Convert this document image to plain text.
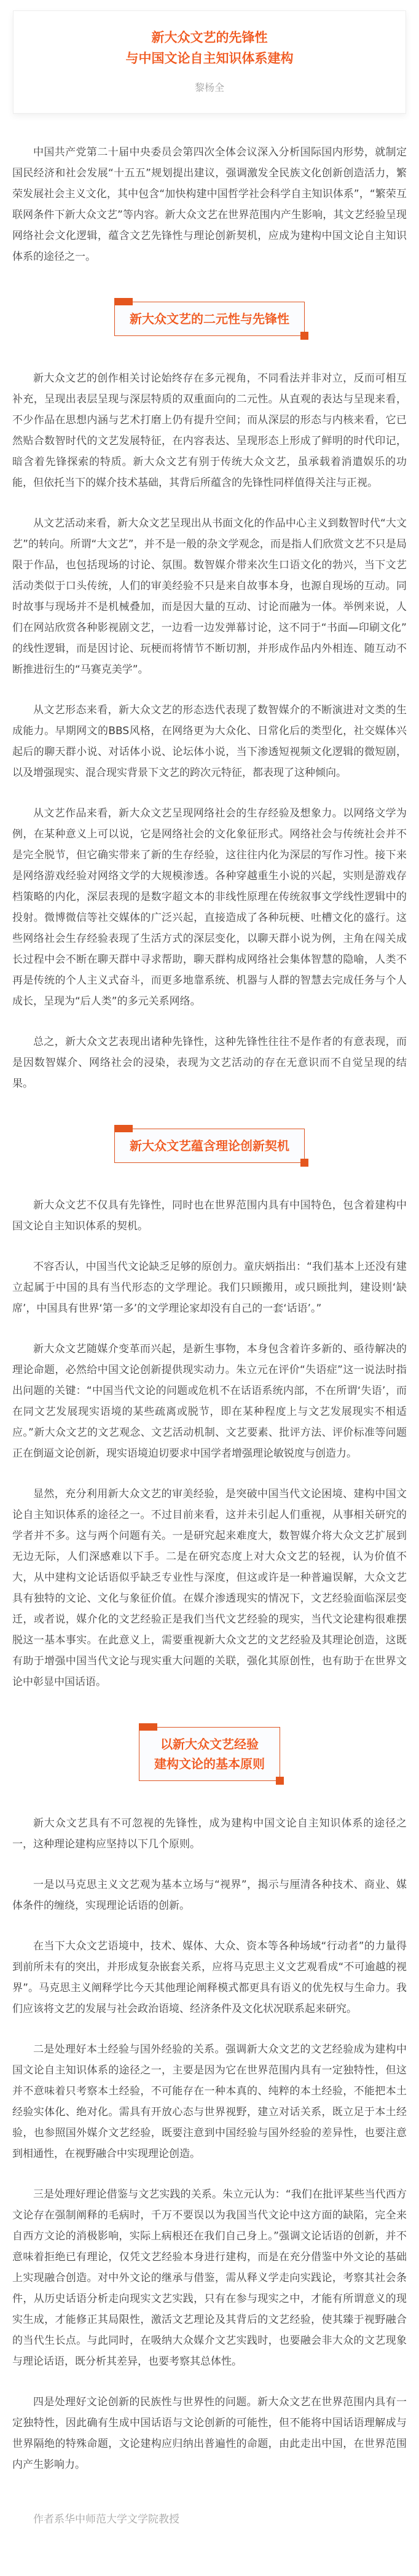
新大众文艺的先锋性
与中国文论自主知识体系建构
黎杨全

中国共产党第二十届中央委员会第四次全体会议深入分析国际国内形势，就制定国民经济和社会发展“十五五”规划提出建议，强调激发全民族文化创新创造活力，繁荣发展社会主义文化，其中包含“加快构建中国哲学社会科学自主知识体系”，“繁荣互联网条件下新大众文艺”等内容。新大众文艺在世界范围内产生影响，其文艺经验呈现网络社会文化逻辑，蕴含文艺先锋性与理论创新契机，应成为建构中国文论自主知识体系的途径之一。

新大众文艺的二元性与先锋性

新大众文艺的创作相关讨论始终存在多元视角，不同看法并非对立，反而可相互补充，呈现出表层呈现与深层特质的双重面向的二元性。从直观的表达与呈现来看，不少作品在思想内涵与艺术打磨上仍有提升空间；而从深层的形态与内核来看，它已然贴合数智时代的文艺发展特征，在内容表达、呈现形态上形成了鲜明的时代印记，暗含着先锋探索的特质。新大众文艺有别于传统大众文艺，虽承载着消遣娱乐的功能，但依托当下的媒介技术基础，其背后所蕴含的先锋性同样值得关注与正视。

从文艺活动来看，新大众文艺呈现出从书面文化的作品中心主义到数智时代“大文艺”的转向。所谓“大文艺”，并不是一般的杂文学观念，而是指人们欣赏文艺不只是局限于作品，也包括现场的讨论、氛围。数智媒介带来次生口语文化的勃兴，当下文艺活动类似于口头传统，人们的审美经验不只是来自故事本身，也源自现场的互动。同时故事与现场并不是机械叠加，而是因大量的互动、讨论而融为一体。举例来说，人们在网站欣赏各种影视剧文艺，一边看一边发弹幕讨论，这不同于“书面—印刷文化”的线性逻辑，而是因讨论、玩梗而将情节不断切割，并形成作品内外相连、随互动不断推进衍生的“马赛克美学”。

从文艺形态来看，新大众文艺的形态迭代表现了数智媒介的不断演进对文类的生成能力。早期网文的BBS风格，在网络更为大众化、日常化后的类型化，社交媒体兴起后的聊天群小说、对话体小说、论坛体小说，当下渗透短视频文化逻辑的微短剧，以及增强现实、混合现实背景下文艺的跨次元特征，都表现了这种倾向。

从文艺作品来看，新大众文艺呈现网络社会的生存经验及想象力。以网络文学为例，在某种意义上可以说，它是网络社会的文化象征形式。网络社会与传统社会并不是完全脱节，但它确实带来了新的生存经验，这往往内化为深层的写作习性。接下来是网络游戏经验对网络文学的大规模渗透。各种穿越重生小说的兴起，实则是游戏存档策略的内化，深层表现的是数字超文本的非线性原理在传统叙事文学线性逻辑中的投射。微博微信等社交媒体的广泛兴起，直接造成了各种玩梗、吐槽文化的盛行。这些网络社会生存经验表现了生活方式的深层变化，以聊天群小说为例，主角在闯关成长过程中会不断在聊天群中寻求帮助，聊天群构成网络社会集体智慧的隐喻，人类不再是传统的个人主义式奋斗，而更多地靠系统、机器与人群的智慧去完成任务与个人成长，呈现为“后人类”的多元关系网络。

总之，新大众文艺表现出诸种先锋性，这种先锋性往往不是作者的有意表现，而是因数智媒介、网络社会的浸染，表现为文艺活动的存在无意识而不自觉呈现的结果。

新大众文艺蕴含理论创新契机

新大众文艺不仅具有先锋性，同时也在世界范围内具有中国特色，包含着建构中国文论自主知识体系的契机。

不容否认，中国当代文论缺乏足够的原创力。童庆炳指出：“我们基本上还没有建立起属于中国的具有当代形态的文学理论。我们只顾搬用，或只顾批判，建设则‘缺席’，中国具有世界‘第一多’的文学理论家却没有自己的一套‘话语’。”

新大众文艺随媒介变革而兴起，是新生事物，本身包含着许多新的、亟待解决的理论命题，必然给中国文论创新提供现实动力。朱立元在评价“失语症”这一说法时指出问题的关键：“中国当代文论的问题或危机不在话语系统内部，不在所谓‘失语’，而在同文艺发展现实语境的某些疏离或脱节，即在某种程度上与文艺发展现实不相适应。”新大众文艺的文艺观念、文艺活动机制、文艺要素、批评方法、评价标准等问题正在倒逼文论创新，现实语境迫切要求中国学者增强理论敏锐度与创造力。

显然，充分利用新大众文艺的审美经验，是突破中国当代文论困境、建构中国文论自主知识体系的途径之一。不过目前来看，这并未引起人们重视，从事相关研究的学者并不多。这与两个问题有关。一是研究起来难度大，数智媒介将大众文艺扩展到无边无际，人们深感难以下手。二是在研究态度上对大众文艺的轻视，认为价值不大，从中建构文论话语似乎缺乏专业性与深度，但这或许是一种普遍误解，大众文艺具有独特的文论、文化与象征价值。在媒介渗透现实的情况下，文艺经验面临深层变迁，或者说，媒介化的文艺经验正是我们当代文艺经验的现实，当代文论建构很难摆脱这一基本事实。在此意义上，需要重视新大众文艺的文艺经验及其理论创造，这既有助于增强中国当代文论与现实重大问题的关联，强化其原创性，也有助于在世界文论中彰显中国话语。

以新大众文艺经验
建构文论的基本原则

新大众文艺具有不可忽视的先锋性，成为建构中国文论自主知识体系的途径之一，这种理论建构应坚持以下几个原则。

一是以马克思主义文艺观为基本立场与“视界”，揭示与厘清各种技术、商业、媒体条件的缠绕，实现理论话语的创新。

在当下大众文艺语境中，技术、媒体、大众、资本等各种场域“行动者”的力量得到前所未有的突出，并形成复杂嵌套关系，应将马克思主义文艺观看成“不可逾越的视界”。马克思主义阐释学比今天其他理论阐释模式都更具有语义的优先权与生命力。我们应该将文艺的发展与社会政治语境、经济条件及文化状况联系起来研究。

二是处理好本土经验与国外经验的关系。强调新大众文艺的文艺经验成为建构中国文论自主知识体系的途径之一，主要是因为它在世界范围内具有一定独特性，但这并不意味着只考察本土经验，不可能存在一种本真的、纯粹的本土经验，不能把本土经验实体化、绝对化。需具有开放心态与世界视野，建立对话关系，既立足于本土经验，也参照国外媒介文艺经验，既要注意到中国经验与国外经验的差异性，也要注意到相通性，在视野融合中实现理论创造。

三是处理好理论借鉴与文艺实践的关系。朱立元认为：“我们在批评某些当代西方文论存在强制阐释的毛病时，千万不要误以为我国当代文论中这方面的缺陷，完全来自西方文论的消极影响，实际上病根还在我们自己身上。”强调文论话语的创新，并不意味着拒绝已有理论，仅凭文艺经验本身进行建构，而是在充分借鉴中外文论的基础上实现融合创造。对中外文论的继承与借鉴，需从释义学走向实践论，考察其社会条件，从历史话语分析走向现实文艺实践，只有在参与现实之中，才能有所谓意义的现实生成，才能修正其局限性，激活文艺理论及其背后的文艺经验，使其臻于视野融合的当代生长点。与此同时，在吸纳大众媒介文艺实践时，也要融会非大众的文艺现象与理论话语，既分析其差异，也要考察其总体性。

四是处理好文论创新的民族性与世界性的问题。新大众文艺在世界范围内具有一定独特性，因此确有生成中国话语与文论创新的可能性，但不能将中国话语理解成与世界隔绝的特殊命题，文论建构应归纳出普遍性的命题，由此走出中国，在世界范围内产生影响力。

作者系华中师范大学文学院教授
